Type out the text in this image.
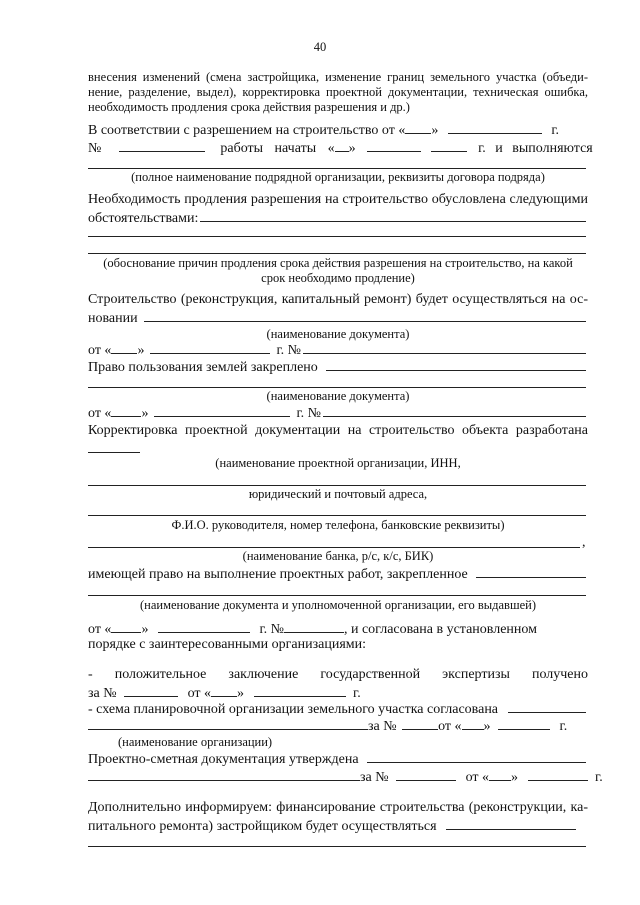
40
внесения изменений (смена застройщика, изменение границ земельного участка (объеди-
нение, разделение, выдел), корректировка проектной документации, техническая ошибка,
необходимость продления срока действия разрешения и др.)
В соответствии с разрешением на строительство от « »	г.
№	работы начаты « »	г. и выполняются
(полное наименование подрядной организации, реквизиты договора подряда)
Необходимость продления разрешения на строительство обусловлена следующими
обстоятельствами:
(обоснование причин продления срока действия разрешения на строительство, на какой
срок необходимо продление)
Строительство (реконструкция, капитальный ремонт) будет осуществляться на ос-
новании
(наименование документа)
от « »	г. №
Право пользования землей закреплено
(наименование документа)
от « »	г. №
Корректировка проектной документации на строительство объекта разработана
(наименование проектной организации, ИНН,
юридический и почтовый адреса,
Ф.И.О. руководителя, номер телефона, банковские реквизиты)
,
(наименование банка, р/с, к/с, БИК)
имеющей право на выполнение проектных работ, закрепленное
(наименование документа и уполномоченной организации, его выдавшей)
от « »	г. №	, и согласована в установленном
порядке с заинтересованными организациями:
- положительное заключение государственной экспертизы получено
за №	от « »	г.
- схема планировочной организации земельного участка согласована
за №	от « »	г.
(наименование организации)
Проектно-сметная документация утверждена
за №	от « »	г.
Дополнительно информируем: финансирование строительства (реконструкции, ка-
питального ремонта) застройщиком будет осуществляться
